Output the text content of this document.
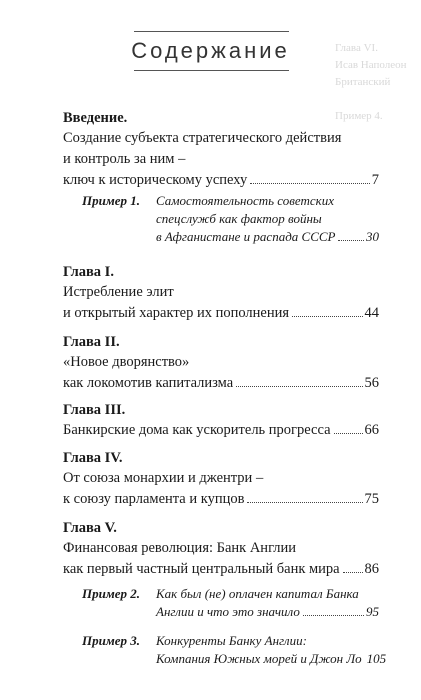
Глава VI.
Исав Наполеон
Британский

Пример 4.
Содержание
Введение.
Создание субъекта стратегического действия
и контроль за ним –
ключ к историческому успеху	7
Пример 1.	Самостоятельность советских
спецслужб как фактор войны
в Афганистане и распада СССР 30
Глава I.
Истребление элит
и открытый характер их пополнения	44
Глава II.
«Новое дворянство»
как локомотив капитализма	56
Глава III.
Банкирские дома как ускоритель прогресса 66
Глава IV.
От союза монархии и джентри –
к союзу парламента и купцов	75
Глава V.
Финансовая революция: Банк Англии
как первый частный центральный банк мира 86
Пример 2.	Как был (не) оплачен капитал Банка
Англии и что это значило	95
Пример 3.	Конкуренты Банку Англии:
Компания Южных морей и Джон Ло 105
